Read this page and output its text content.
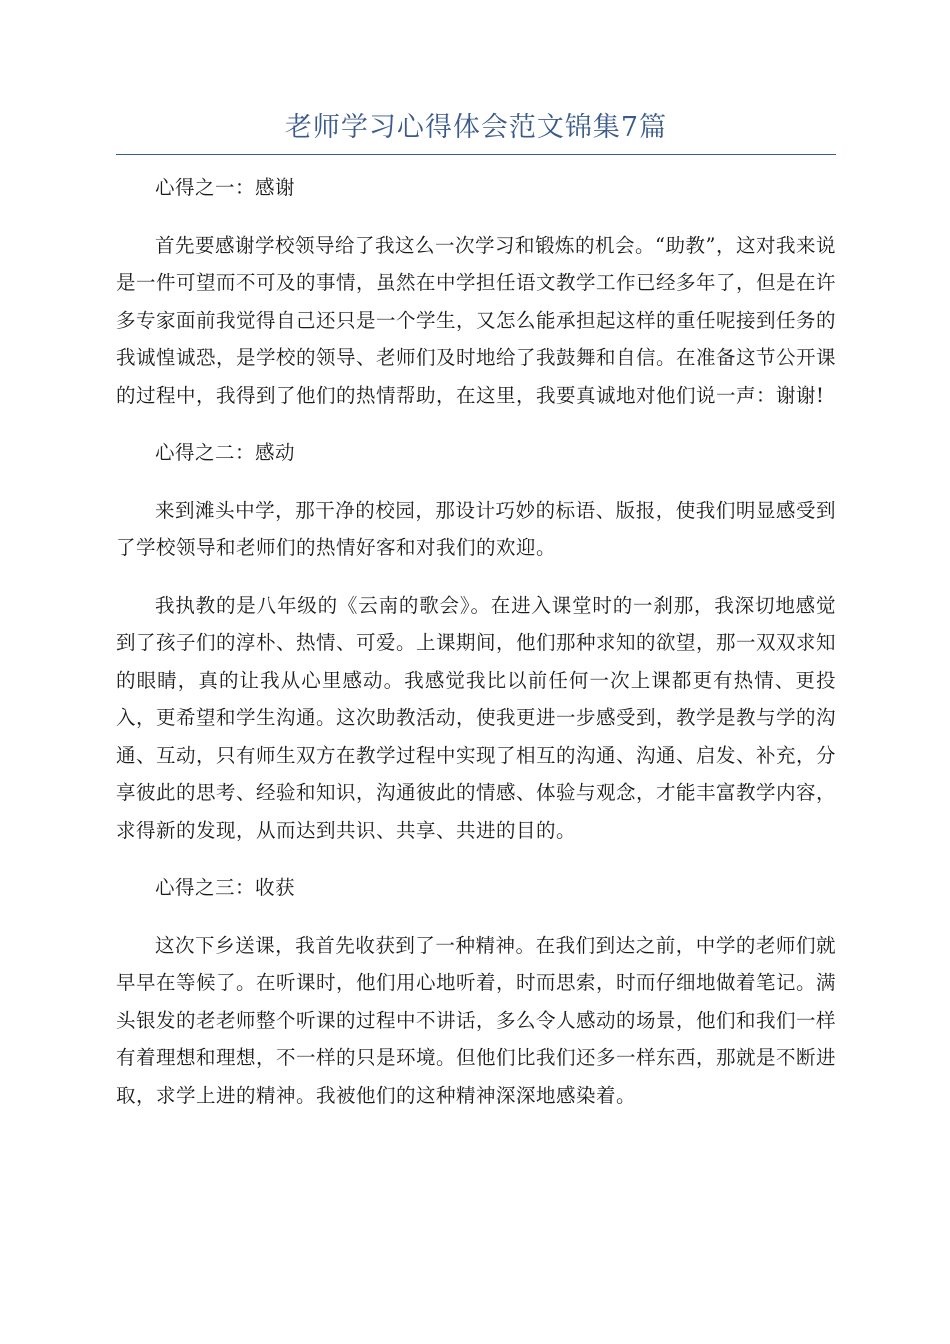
老师学习心得体会范文锦集7篇

心得之一：感谢

首先要感谢学校领导给了我这么一次学习和锻炼的机会。“助教”，这对我来说是一件可望而不可及的事情，虽然在中学担任语文教学工作已经多年了，但是在许多专家面前我觉得自己还只是一个学生，又怎么能承担起这样的重任呢接到任务的我诚惶诚恐，是学校的领导、老师们及时地给了我鼓舞和自信。在准备这节公开课的过程中，我得到了他们的热情帮助，在这里，我要真诚地对他们说一声：谢谢!

心得之二：感动

来到滩头中学，那干净的校园，那设计巧妙的标语、版报，使我们明显感受到了学校领导和老师们的热情好客和对我们的欢迎。

我执教的是八年级的《云南的歌会》。在进入课堂时的一刹那，我深切地感觉到了孩子们的淳朴、热情、可爱。上课期间，他们那种求知的欲望，那一双双求知的眼睛，真的让我从心里感动。我感觉我比以前任何一次上课都更有热情、更投入，更希望和学生沟通。这次助教活动，使我更进一步感受到，教学是教与学的沟通、互动，只有师生双方在教学过程中实现了相互的沟通、沟通、启发、补充，分享彼此的思考、经验和知识，沟通彼此的情感、体验与观念，才能丰富教学内容，求得新的发现，从而达到共识、共享、共进的目的。

心得之三：收获

这次下乡送课，我首先收获到了一种精神。在我们到达之前，中学的老师们就早早在等候了。在听课时，他们用心地听着，时而思索，时而仔细地做着笔记。满头银发的老老师整个听课的过程中不讲话，多么令人感动的场景，他们和我们一样有着理想和理想，不一样的只是环境。但他们比我们还多一样东西，那就是不断进取，求学上进的精神。我被他们的这种精神深深地感染着。
